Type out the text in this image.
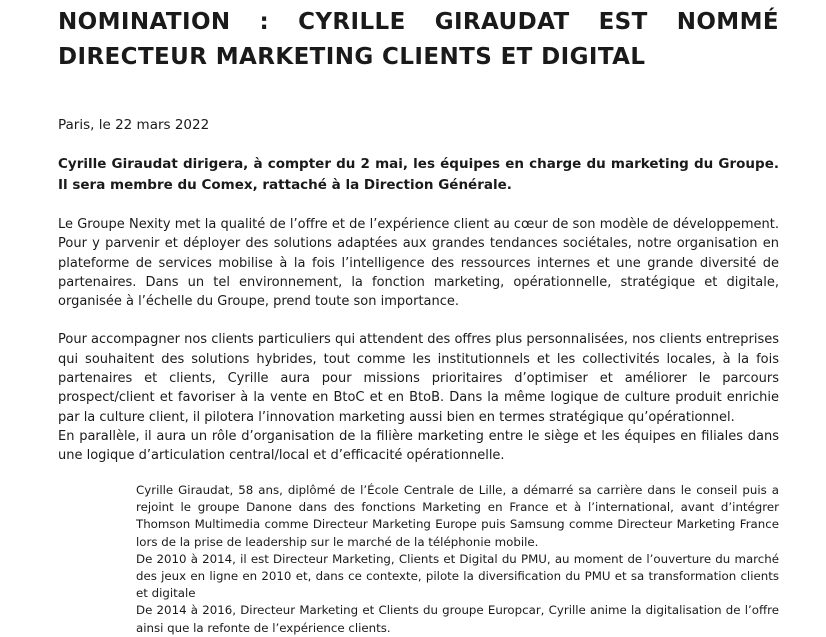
NOMINATION : CYRILLE GIRAUDAT EST NOMMÉ DIRECTEUR MARKETING CLIENTS ET DIGITAL

Paris, le 22 mars 2022

Cyrille Giraudat dirigera, à compter du 2 mai, les équipes en charge du marketing du Groupe. Il sera membre du Comex, rattaché à la Direction Générale.

Le Groupe Nexity met la qualité de l’offre et de l’expérience client au cœur de son modèle de développement. Pour y parvenir et déployer des solutions adaptées aux grandes tendances sociétales, notre organisation en plateforme de services mobilise à la fois l’intelligence des ressources internes et une grande diversité de partenaires. Dans un tel environnement, la fonction marketing, opérationnelle, stratégique et digitale, organisée à l’échelle du Groupe, prend toute son importance.

Pour accompagner nos clients particuliers qui attendent des offres plus personnalisées, nos clients entreprises qui souhaitent des solutions hybrides, tout comme les institutionnels et les collectivités locales, à la fois partenaires et clients, Cyrille aura pour missions prioritaires d’optimiser et améliorer le parcours prospect/client et favoriser à la vente en BtoC et en BtoB. Dans la même logique de culture produit enrichie par la culture client, il pilotera l’innovation marketing aussi bien en termes stratégique qu’opérationnel.

En parallèle, il aura un rôle d’organisation de la filière marketing entre le siège et les équipes en filiales dans une logique d’articulation central/local et d’efficacité opérationnelle.

Cyrille Giraudat, 58 ans, diplômé de l’École Centrale de Lille, a démarré sa carrière dans le conseil puis a rejoint le groupe Danone dans des fonctions Marketing en France et à l’international, avant d’intégrer Thomson Multimedia comme Directeur Marketing Europe puis Samsung comme Directeur Marketing France lors de la prise de leadership sur le marché de la téléphonie mobile.

De 2010 à 2014, il est Directeur Marketing, Clients et Digital du PMU, au moment de l’ouverture du marché des jeux en ligne en 2010 et, dans ce contexte, pilote la diversification du PMU et sa transformation clients et digitale

De 2014 à 2016, Directeur Marketing et Clients du groupe Europcar, Cyrille anime la digitalisation de l’offre ainsi que la refonte de l’expérience clients.
